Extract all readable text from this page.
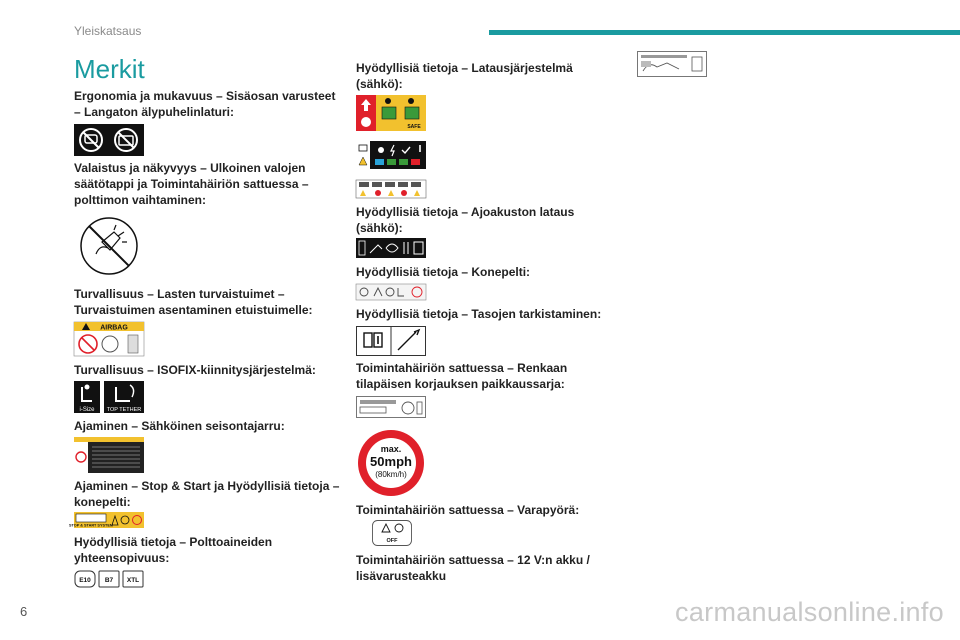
Yleiskatsaus
Merkit
Ergonomia ja mukavuus – Sisäosan varusteet – Langaton älypuhelinlaturi:
Valaistus ja näkyvyys – Ulkoinen valojen säätötappi ja Toimintahäiriön sattuessa – polttimon vaihtaminen:
Turvallisuus – Lasten turvaistuimet – Turvaistuimen asentaminen etuistuimelle:
AIRBAG
Turvallisuus – ISOFIX-kiinnitysjärjestelmä:
i-Size TOP TETHER
Ajaminen – Sähköinen seisontajarru:
Ajaminen – Stop & Start ja Hyödyllisiä tietoja – konepelti:
STOP & START SYSTEM
Hyödyllisiä tietoja – Polttoaineiden yhteensopivuus:
E10 B7 XTL
Hyödyllisiä tietoja – Latausjärjestelmä (sähkö):
SAFE
Hyödyllisiä tietoja – Ajoakuston lataus (sähkö):
Hyödyllisiä tietoja – Konepelti:
Hyödyllisiä tietoja – Tasojen tarkistaminen:
Toimintahäiriön sattuessa – Renkaan tilapäisen korjauksen paikkaussarja:
max.
50mph
(80km/h)
Toimintahäiriön sattuessa – Varapyörä:
OFF
Toimintahäiriön sattuessa – 12 V:n akku / lisävarusteakku
6	carmanualsonline.info
